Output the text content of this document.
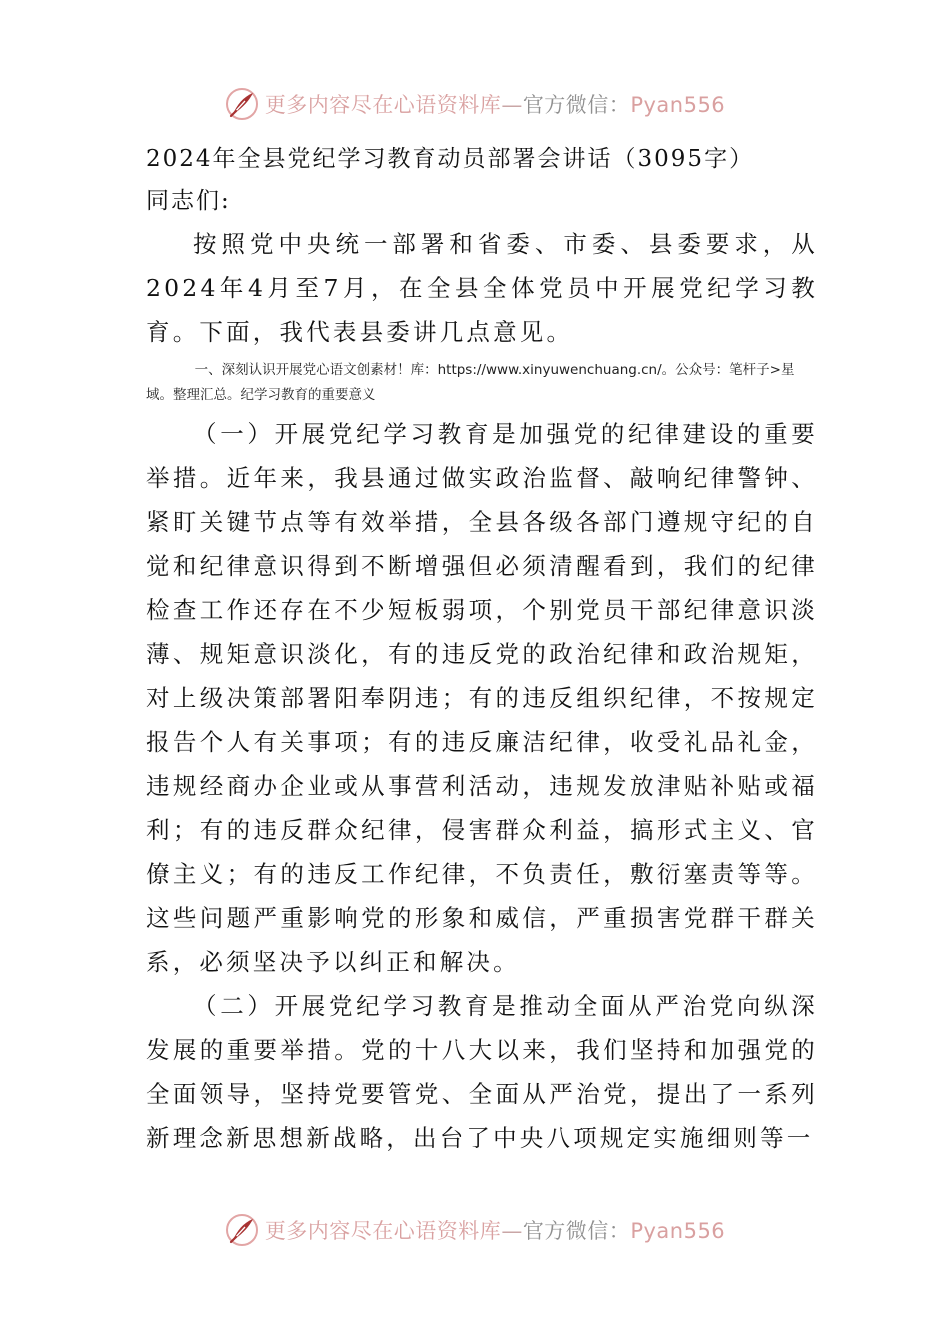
更多内容尽在心语资料库—官方微信：Pyan556

2024年全县党纪学习教育动员部署会讲话（3095字）

同志们:

按照党中央统一部署和省委、市委、县委要求，从2024年4月至7月，在全县全体党员中开展党纪学习教育。下面，我代表县委讲几点意见。

一、深刻认识开展党心语文创素材！库：https://www.xinyuwenchuang.cn/。公众号：笔杆子>星域。整理汇总。纪学习教育的重要意义

（一）开展党纪学习教育是加强党的纪律建设的重要举措。近年来，我县通过做实政治监督、敲响纪律警钟、紧盯关键节点等有效举措，全县各级各部门遵规守纪的自觉和纪律意识得到不断增强但必须清醒看到，我们的纪律检查工作还存在不少短板弱项，个别党员干部纪律意识淡薄、规矩意识淡化，有的违反党的政治纪律和政治规矩，对上级决策部署阳奉阴违；有的违反组织纪律，不按规定报告个人有关事项；有的违反廉洁纪律，收受礼品礼金，违规经商办企业或从事营利活动，违规发放津贴补贴或福利；有的违反群众纪律，侵害群众利益，搞形式主义、官僚主义；有的违反工作纪律，不负责任，敷衍塞责等等。这些问题严重影响党的形象和威信，严重损害党群干群关系，必须坚决予以纠正和解决。

（二）开展党纪学习教育是推动全面从严治党向纵深发展的重要举措。党的十八大以来，我们坚持和加强党的全面领导，坚持党要管党、全面从严治党，提出了一系列新理念新思想新战略，出台了中央八项规定实施细则等一

更多内容尽在心语资料库—官方微信：Pyan556
